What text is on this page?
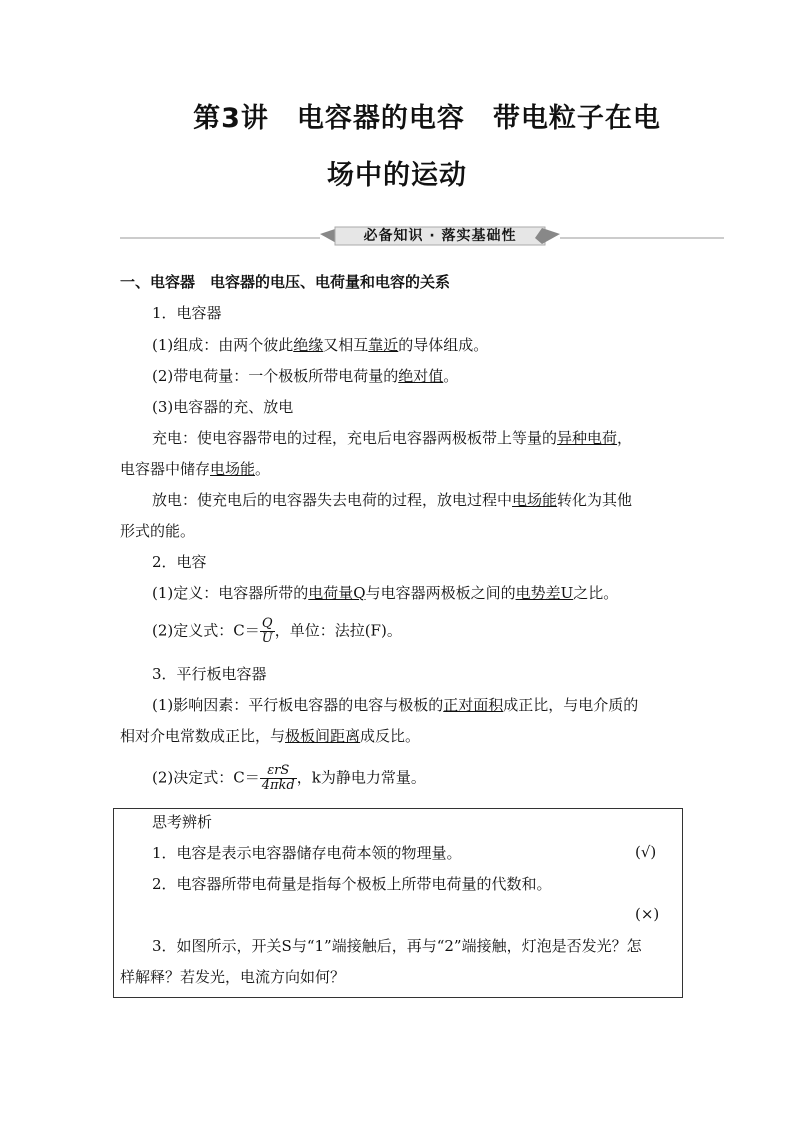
第3讲　电容器的电容　带电粒子在电
场中的运动
必备知识 · 落实基础性
一、电容器　电容器的电压、电荷量和电容的关系
1．电容器
(1)组成：由两个彼此绝缘又相互靠近的导体组成。
(2)带电荷量：一个极板所带电荷量的绝对值。
(3)电容器的充、放电
充电：使电容器带电的过程，充电后电容器两极板带上等量的异种电荷，
电容器中储存电场能。
放电：使充电后的电容器失去电荷的过程，放电过程中电场能转化为其他
形式的能。
2．电容
(1)定义：电容器所带的电荷量Q与电容器两极板之间的电势差U之比。
(2)定义式：$C= \frac{Q}{U}$ ，单位：法拉(F)。
3．平行板电容器
(1)影响因素：平行板电容器的电容与极板的正对面积成正比，与电介质的
相对介电常数成正比，与极板间距离成反比。
(2)决定式：$C= \frac{\text{εrS}}{\text{4πkd}}$ ，k为静电力常量。
思考辨析
1．电容是表示电容器储存电荷本领的物理量。	(√)
2．电容器所带电荷量是指每个极板上所带电荷量的代数和。
(×)
3．如图所示，开关S与“1”端接触后，再与“2”端接触，灯泡是否发光？怎
样解释？若发光，电流方向如何？
